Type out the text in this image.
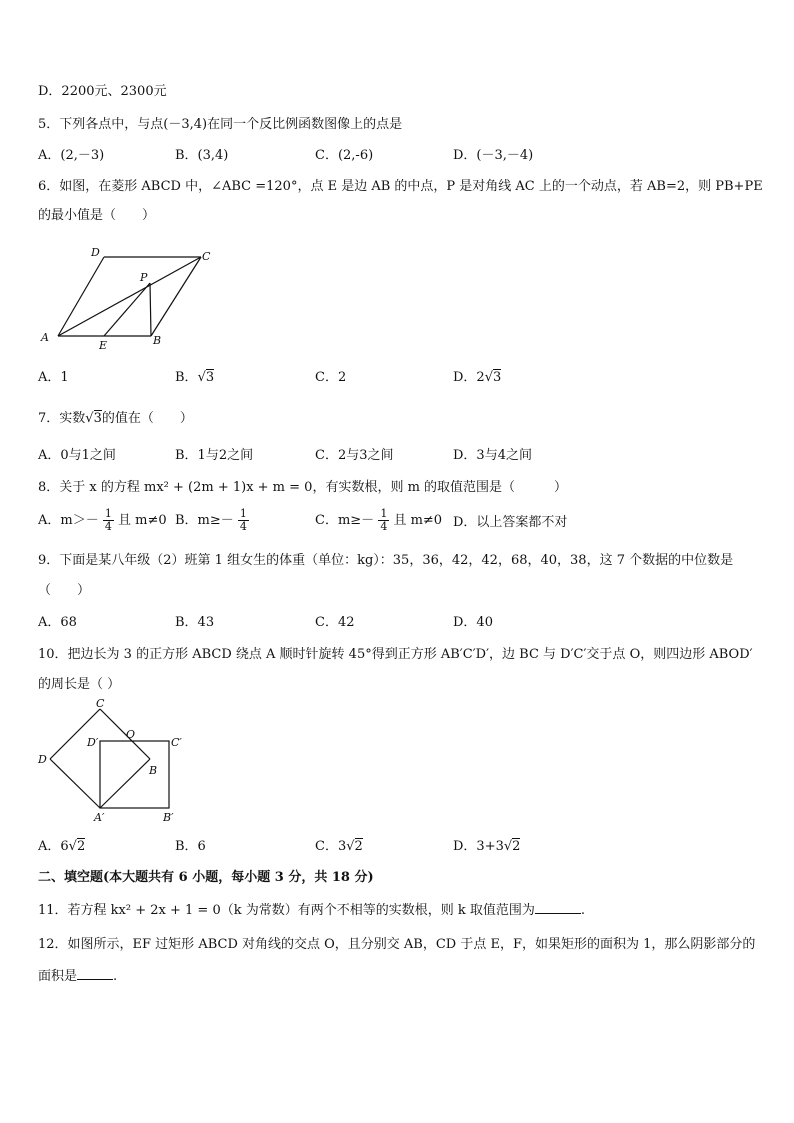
D．2200元、2300元
5．下列各点中，与点(－3,4)在同一个反比例函数图像上的点是
A．(2,－3)	B．(3,4)	C．(2,-6)	D．(－3,－4)
6．如图，在菱形 ABCD 中，∠ABC =120°，点 E 是边 AB 的中点，P 是对角线 AC 上的一个动点，若 AB=2，则 PB+PE
的最小值是（　　）
D	C
P
A
E	B
A．1	B．√3	C．2	D．2√3
7．实数√3的值在（　　）
A．0与1之间	B．1与2之间	C．2与3之间	D．3与4之间
8．关于 x 的方程 mx² + (2m + 1)x + m = 0，有实数根，则 m 的取值范围是（　　　）
A．$m>- \frac{1}{4}$ 且 m≠0 B．$m\ge- \frac{1}{4}$	C．$m\ge- \frac{1}{4}$ 且 m≠0 D．以上答案都不对
9．下面是某八年级（2）班第 1 组女生的体重（单位：kg）：35，36，42，42，68，40，38，这 7 个数据的中位数是
（　　）
A．68	B．43	C．42	D．40
10．把边长为 3 的正方形 ABCD 绕点 A 顺时针旋转 45°得到正方形 AB′C′D′，边 BC 与 D′C′交于点 O，则四边形 ABOD′
的周长是（ ）
C
D′
O
C′
D
B
A′	B′
A．6√2	B．6	C．3√2	D．3+3√2
二、填空题(本大题共有 6 小题，每小题 3 分，共 18 分)
11．若方程 kx² + 2x + 1 = 0（k 为常数）有两个不相等的实数根，则 k 取值范围为	.
12．如图所示，EF 过矩形 ABCD 对角线的交点 O，且分别交 AB，CD 于点 E，F，如果矩形的面积为 1，那么阴影部分的
面积是	.
